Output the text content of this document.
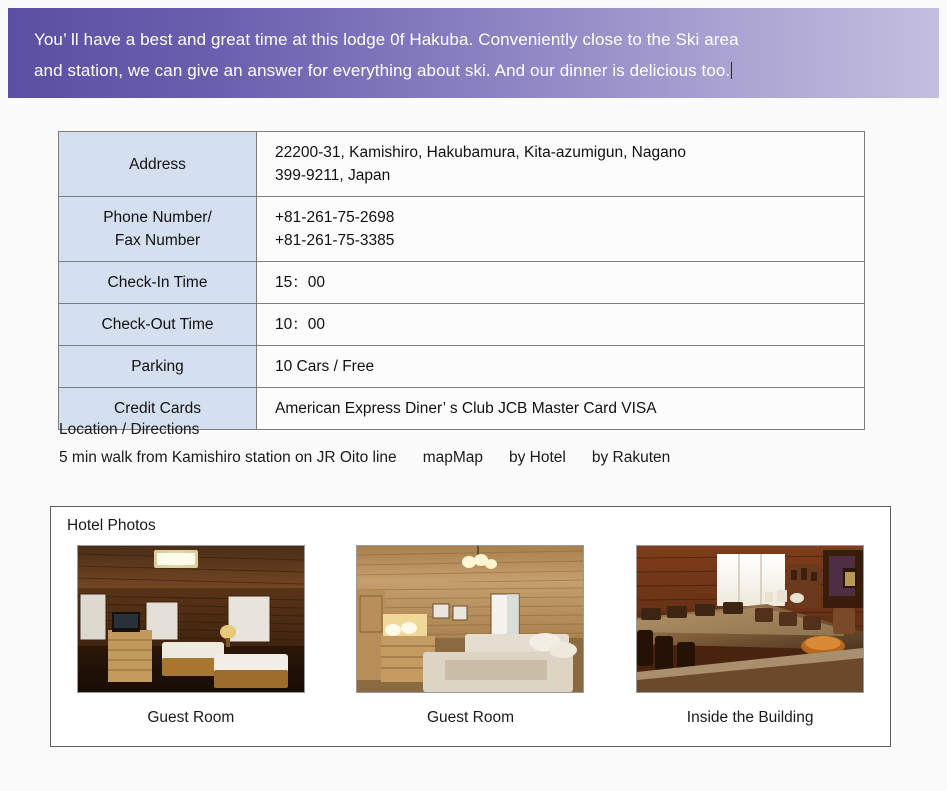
You’ ll have a best and great time at this lodge 0f Hakuba. Conveniently close to the Ski area
and station, we can give an answer for everything about ski. And our dinner is delicious too.
Address	22200-31, Kamishiro, Hakubamura, Kita-azumigun, Nagano
399-9211, Japan

Phone Number/
Fax Number	+81-261-75-2698
+81-261-75-3385

Check-In Time	15：00
Check-Out Time	10：00
Parking	10 Cars / Free
Credit Cards	American Express Diner’ s Club JCB Master Card VISA
Location / Directions
5 min walk from Kamishiro station on JR Oito line mapMap by Hotel by Rakuten
Hotel Photos
Guest Room	Guest Room	Inside the Building
